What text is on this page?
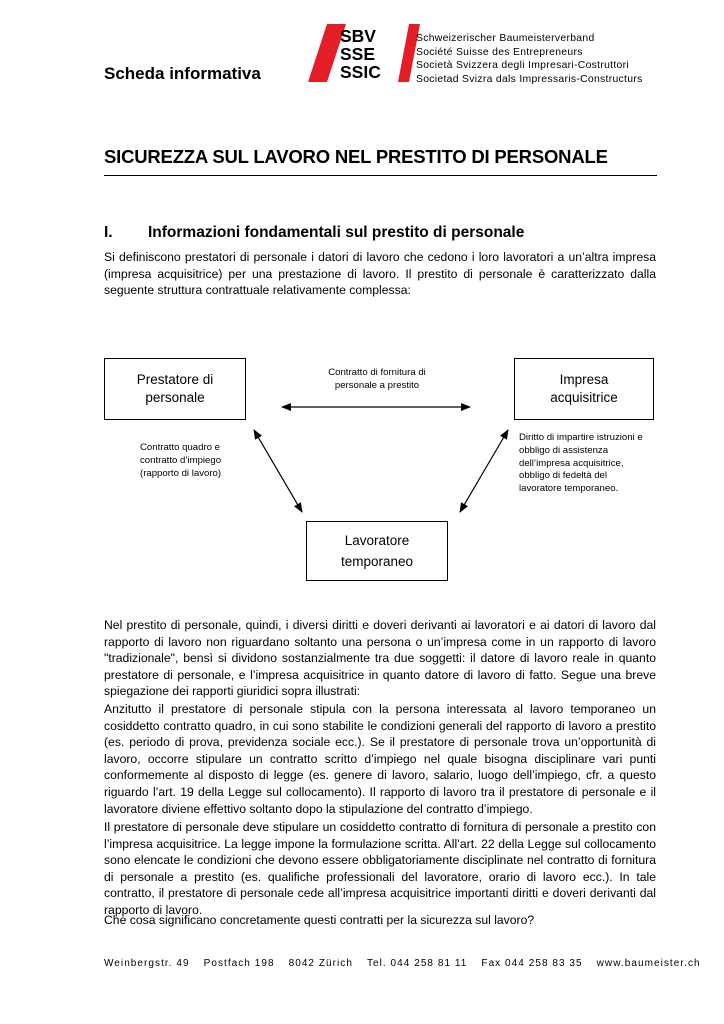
Scheda informativa
SBV
SSE
SSIC
Schweizerischer Baumeisterverband
Société Suisse des Entrepreneurs
Società Svizzera degli Impresari-Costruttori
Societad Svizra dals Impressaris-Constructurs
SICUREZZA SUL LAVORO NEL PRESTITO DI PERSONALE
I. Informazioni fondamentali sul prestito di personale

Si definiscono prestatori di personale i datori di lavoro che cedono i loro lavoratori a un’altra impresa (impresa acquisitrice) per una prestazione di lavoro. Il prestito di personale è caratterizzato dalla seguente struttura contrattuale relativamente complessa:

Prestatore di personale
Impresa acquisitrice
Lavoratore temporaneo
Contratto di fornitura di personale a prestito
Contratto quadro e contratto d’impiego (rapporto di lavoro)
Diritto di impartire istruzioni e obbligo di assistenza dell’impresa acquisitrice, obbligo di fedeltà del lavoratore temporaneo.

Nel prestito di personale, quindi, i diversi diritti e doveri derivanti ai lavoratori e ai datori di lavoro dal rapporto di lavoro non riguardano soltanto una persona o un’impresa come in un rapporto di lavoro "tradizionale", bensì si dividono sostanzialmente tra due soggetti: il datore di lavoro reale in quanto prestatore di personale, e l’impresa acquisitrice in quanto datore di lavoro di fatto. Segue una breve spiegazione dei rapporti giuridici sopra illustrati:

Anzitutto il prestatore di personale stipula con la persona interessata al lavoro temporaneo un cosiddetto contratto quadro, in cui sono stabilite le condizioni generali del rapporto di lavoro a prestito (es. periodo di prova, previdenza sociale ecc.). Se il prestatore di personale trova un’opportunità di lavoro, occorre stipulare un contratto scritto d’impiego nel quale bisogna disciplinare vari punti conformemente al disposto di legge (es. genere di lavoro, salario, luogo dell’impiego, cfr. a questo riguardo l’art. 19 della Legge sul collocamento). Il rapporto di lavoro tra il prestatore di personale e il lavoratore diviene effettivo soltanto dopo la stipulazione del contratto d’impiego.

Il prestatore di personale deve stipulare un cosiddetto contratto di fornitura di personale a prestito con l’impresa acquisitrice. La legge impone la formulazione scritta. All’art. 22 della Legge sul collocamento sono elencate le condizioni che devono essere obbligatoriamente disciplinate nel contratto di fornitura di personale a prestito (es. qualifiche professionali del lavoratore, orario di lavoro ecc.). In tale contratto, il prestatore di personale cede all’impresa acquisitrice importanti diritti e doveri derivanti dal rapporto di lavoro.

Che cosa significano concretamente questi contratti per la sicurezza sul lavoro?

Weinbergstr. 49 Postfach 198 8042 Zürich Tel. 044 258 81 11 Fax 044 258 83 35 www.baumeister.ch
